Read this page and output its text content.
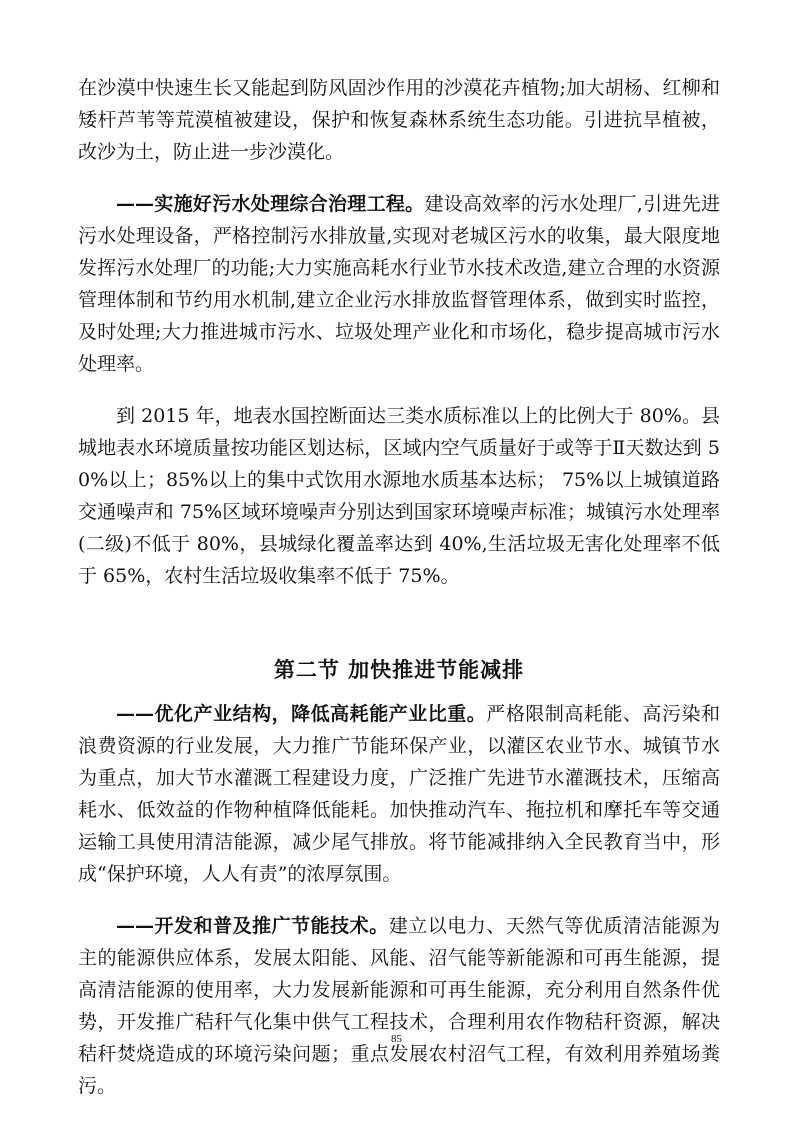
在沙漠中快速生长又能起到防风固沙作用的沙漠花卉植物;加大胡杨、红柳和矮杆芦苇等荒漠植被建设，保护和恢复森林系统生态功能。引进抗旱植被，改沙为土，防止进一步沙漠化。

——实施好污水处理综合治理工程。建设高效率的污水处理厂,引进先进污水处理设备，严格控制污水排放量,实现对老城区污水的收集，最大限度地发挥污水处理厂的功能;大力实施高耗水行业节水技术改造,建立合理的水资源管理体制和节约用水机制,建立企业污水排放监督管理体系，做到实时监控，及时处理;大力推进城市污水、垃圾处理产业化和市场化，稳步提高城市污水处理率。

到 2015 年，地表水国控断面达三类水质标准以上的比例大于 80%。县城地表水环境质量按功能区划达标，区域内空气质量好于或等于Ⅱ天数达到 50%以上；85%以上的集中式饮用水源地水质基本达标； 75%以上城镇道路交通噪声和 75%区域环境噪声分别达到国家环境噪声标准；城镇污水处理率(二级)不低于 80%，县城绿化覆盖率达到 40%,生活垃圾无害化处理率不低于 65%，农村生活垃圾收集率不低于 75%。

第二节 加快推进节能减排

——优化产业结构，降低高耗能产业比重。严格限制高耗能、高污染和浪费资源的行业发展，大力推广节能环保产业，以灌区农业节水、城镇节水为重点，加大节水灌溉工程建设力度，广泛推广先进节水灌溉技术，压缩高耗水、低效益的作物种植降低能耗。加快推动汽车、拖拉机和摩托车等交通运输工具使用清洁能源，减少尾气排放。将节能减排纳入全民教育当中，形成“保护环境，人人有责”的浓厚氛围。

——开发和普及推广节能技术。建立以电力、天然气等优质清洁能源为主的能源供应体系，发展太阳能、风能、沼气能等新能源和可再生能源，提高清洁能源的使用率，大力发展新能源和可再生能源，充分利用自然条件优势，开发推广秸秆气化集中供气工程技术，合理利用农作物秸秆资源，解决秸秆焚烧造成的环境污染问题；重点发展农村沼气工程，有效利用养殖场粪污。

85
